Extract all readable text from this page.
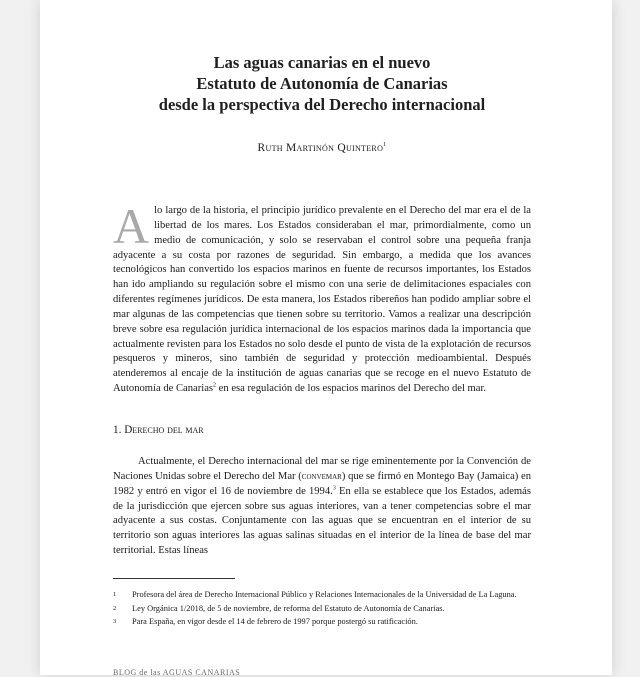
Las aguas canarias en el nuevo
Estatuto de Autonomía de Canarias
desde la perspectiva del Derecho internacional
Ruth Martinón Quintero$^1$

Alo largo de la historia, el principio jurídico prevalente en el Derecho del mar era el de la libertad de los mares. Los Estados consideraban el mar, primordialmente, como un medio de comunicación, y solo se reservaban el control sobre una pequeña franja adyacente a su costa por razones de seguridad. Sin embargo, a medida que los avances tecnológicos han convertido los espacios marinos en fuente de recursos importantes, los Estados han ido ampliando su regulación sobre el mismo con una serie de delimitaciones espaciales con diferentes regímenes jurídicos. De esta manera, los Estados ribereños han podido ampliar sobre el mar algunas de las competencias que tienen sobre su territorio. Vamos a realizar una descripción breve sobre esa regulación jurídica internacional de los espacios marinos dada la importancia que actualmente revisten para los Estados no solo desde el punto de vista de la explotación de recursos pesqueros y mineros, sino también de seguridad y protección medioambiental. Después atenderemos al encaje de la institución de aguas canarias que se recoge en el nuevo Estatuto de Autonomía de Canarias$^2$ en esa regulación de los espacios marinos del Derecho del mar.

1. Derecho del mar

Actualmente, el Derecho internacional del mar se rige eminentemente por la Convención de Naciones Unidas sobre el Derecho del Mar (convemar) que se firmó en Montego Bay (Jamaica) en 1982 y entró en vigor el 16 de noviembre de 1994.$^3$ En ella se establece que los Estados, además de la jurisdicción que ejercen sobre sus aguas interiores, van a tener competencias sobre el mar adyacente a sus costas. Conjuntamente con las aguas que se encuentran en el interior de su territorio son aguas interiores las aguas salinas situadas en el interior de la línea de base del mar territorial. Estas líneas

1	Profesora del área de Derecho Internacional Público y Relaciones Internacionales de la Universidad de La Laguna.
2	Ley Orgánica 1/2018, de 5 de noviembre, de reforma del Estatuto de Autonomía de Canarias.
3	Para España, en vigor desde el 14 de febrero de 1997 porque postergó su ratificación.
BLOG de las AGUAS CANARIAS
